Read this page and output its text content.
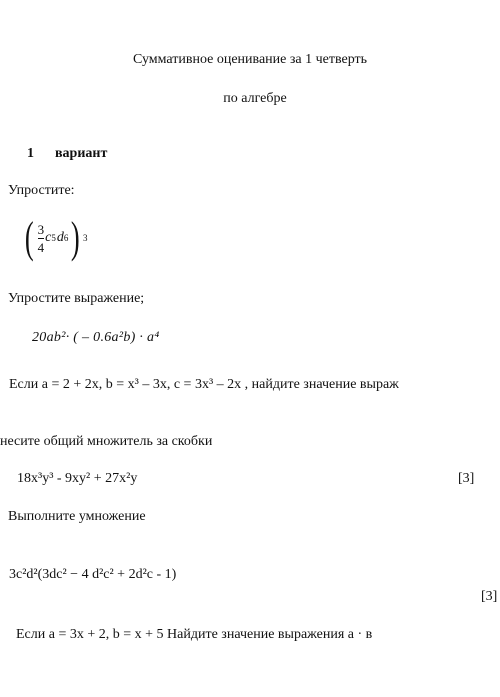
Суммативное оценивание за 1 четверть
по алгебре
1 вариант
Упростите:
( $\frac{3}{4}$ c 5 d 6 ) 3
Упростите выражение;
20ab²· ( – 0.6a²b) · a⁴
Если a = 2 + 2x, b = x³ – 3x, c = 3x³ – 2x , найдите значение выраж
несите общий множитель за скобки
18x³y³ - 9xy² + 27x²y	[3]
Выполните умножение
3c²d²(3dc² − 4 d²c² + 2d²c - 1)
[3]
Если a = 3x + 2, b = x + 5 Найдите значение выражения a · в
